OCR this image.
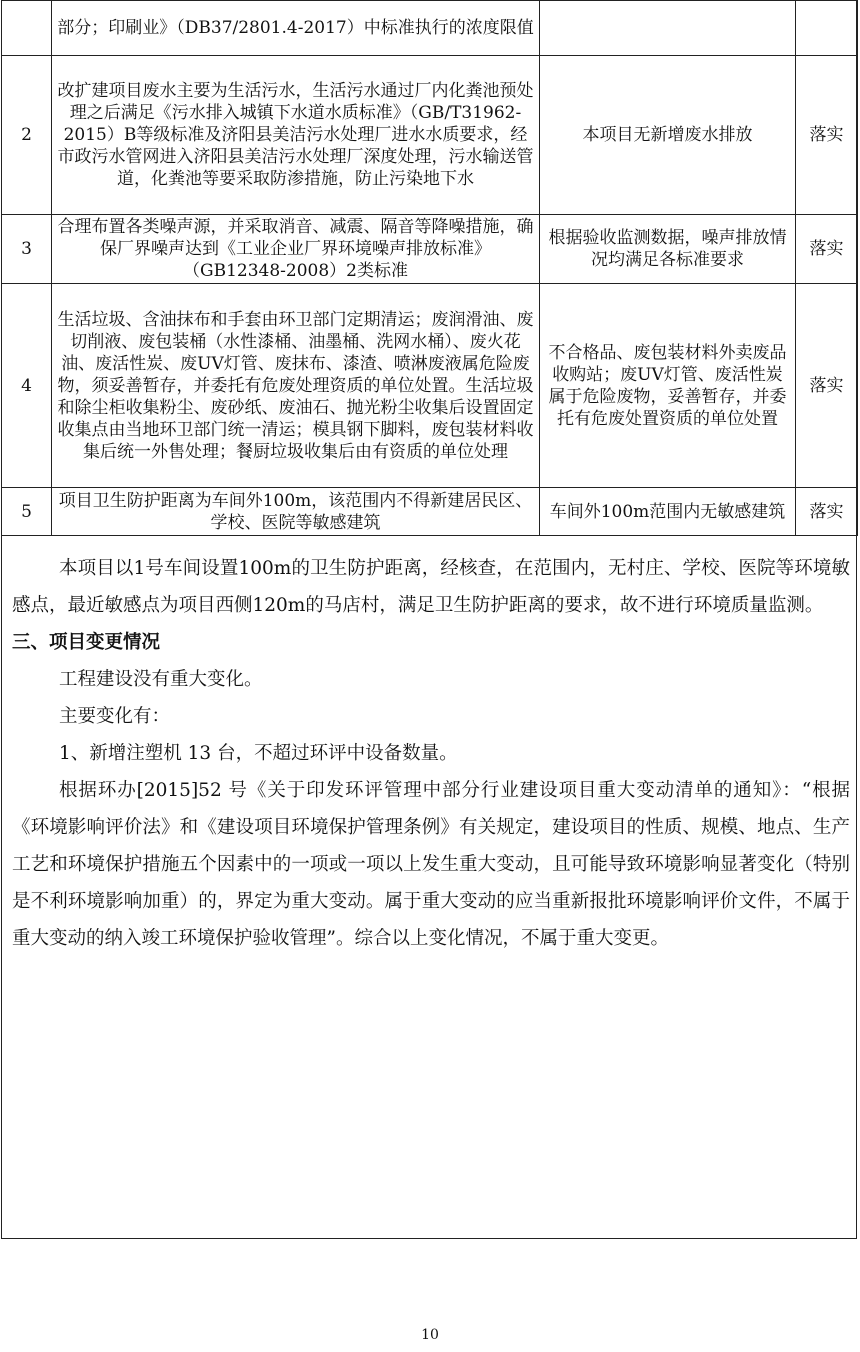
	部分；印刷业》（DB37/2801.4-2017）中标准执行的浓度限值		
2	改扩建项目废水主要为生活污水，生活污水通过厂内化粪池预处理之后满足《污水排入城镇下水道水质标准》（GB/T31962-2015）B等级标准及济阳县美洁污水处理厂进水水质要求，经市政污水管网进入济阳县美洁污水处理厂深度处理，污水输送管道，化粪池等要采取防渗措施，防止污染地下水	本项目无新增废水排放	落实
3	合理布置各类噪声源，并采取消音、减震、隔音等降噪措施，确保厂界噪声达到《工业企业厂界环境噪声排放标准》（GB12348-2008）2类标准	根据验收监测数据，噪声排放情况均满足各标准要求	落实
4	生活垃圾、含油抹布和手套由环卫部门定期清运；废润滑油、废切削液、废包装桶（水性漆桶、油墨桶、洗网水桶）、废火花油、废活性炭、废UV灯管、废抹布、漆渣、喷淋废液属危险废物，须妥善暂存，并委托有危废处理资质的单位处置。生活垃圾和除尘柜收集粉尘、废砂纸、废油石、抛光粉尘收集后设置固定收集点由当地环卫部门统一清运；模具钢下脚料，废包装材料收集后统一外售处理；餐厨垃圾收集后由有资质的单位处理	不合格品、废包装材料外卖废品收购站；废UV灯管、废活性炭属于危险废物，妥善暂存，并委托有危废处置资质的单位处置	落实
5	项目卫生防护距离为车间外100m，该范围内不得新建居民区、学校、医院等敏感建筑	车间外100m范围内无敏感建筑	落实

本项目以1号车间设置100m的卫生防护距离，经核查，在范围内，无村庄、学校、医院等环境敏感点，最近敏感点为项目西侧120m的马店村，满足卫生防护距离的要求，故不进行环境质量监测。

三、项目变更情况

工程建设没有重大变化。

主要变化有：

1、新增注塑机 13 台，不超过环评中设备数量。

根据环办[2015]52 号《关于印发环评管理中部分行业建设项目重大变动清单的通知》：“根据《环境影响评价法》和《建设项目环境保护管理条例》有关规定，建设项目的性质、规模、地点、生产工艺和环境保护措施五个因素中的一项或一项以上发生重大变动，且可能导致环境影响显著变化（特别是不利环境影响加重）的，界定为重大变动。属于重大变动的应当重新报批环境影响评价文件，不属于重大变动的纳入竣工环境保护验收管理”。综合以上变化情况，不属于重大变更。

10
